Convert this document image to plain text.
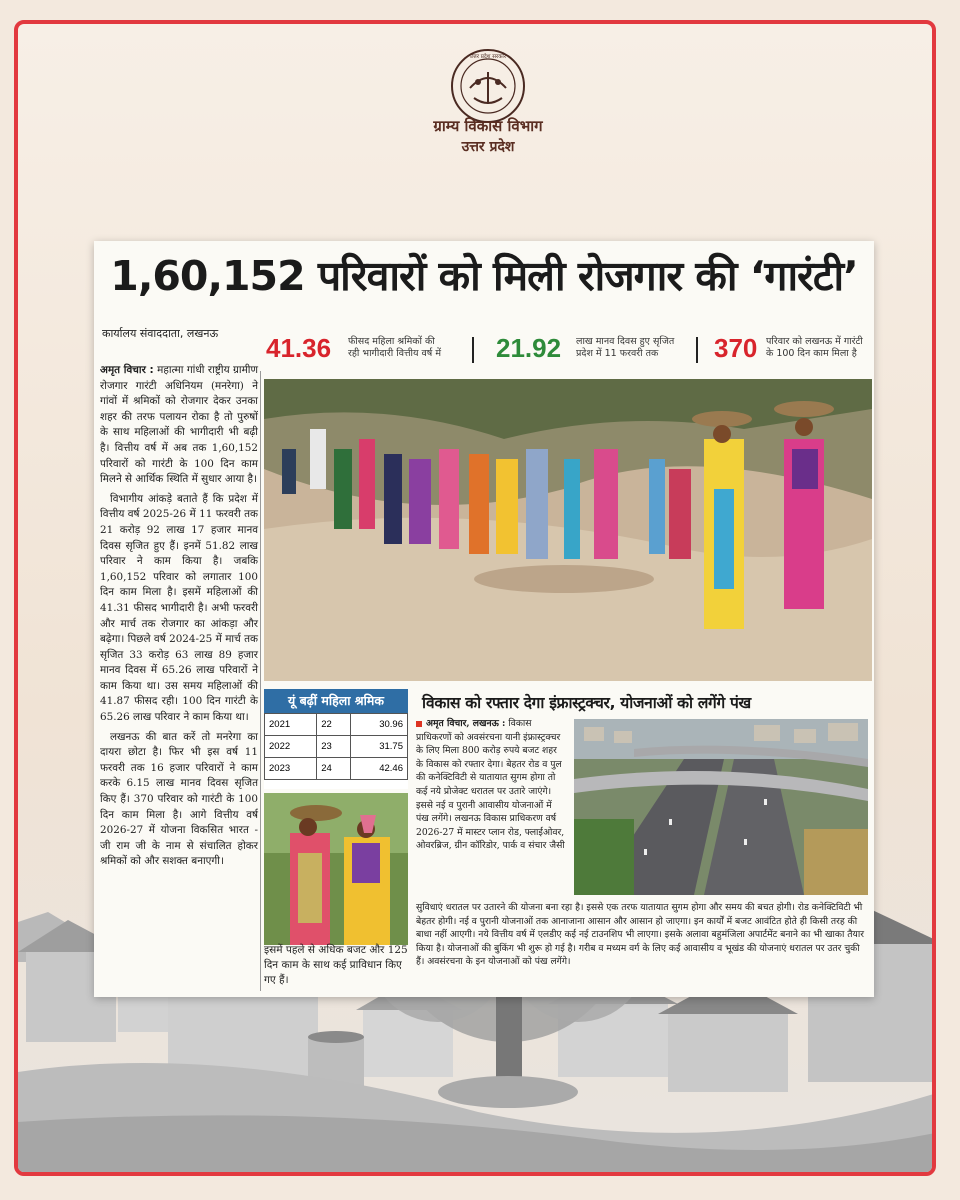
उत्तर प्रदेश सरकार
ग्राम्य विकास विभाग
उत्तर प्रदेश
1,60,152 परिवारों को मिली रोजगार की ‘गारंटी’
कार्यालय संवाददाता, लखनऊ 41.36 फीसद महिला श्रमिकों की
रही भागीदारी वित्तीय वर्ष में 21.92 लाख मानव दिवस हुए सृजित
प्रदेश में 11 फरवरी तक	370 परिवार को लखनऊ में गारंटी
के 100 दिन काम मिला है

अमृत विचार : महात्मा गांधी राष्ट्रीय ग्रामीण रोजगार गारंटी अधिनियम (मनरेगा) ने गांवों में श्रमिकों को रोजगार देकर उनका शहर की तरफ पलायन रोका है तो पुरुषों के साथ महिलाओं की भागीदारी भी बढ़ी है। वित्तीय वर्ष में अब तक 1,60,152 परिवारों को गारंटी के 100 दिन काम मिलने से आर्थिक स्थिति में सुधार आया है।

विभागीय आंकड़े बताते हैं कि प्रदेश में वित्तीय वर्ष 2025-26 में 11 फरवरी तक 21 करोड़ 92 लाख 17 हजार मानव दिवस सृजित हुए हैं। इनमें 51.82 लाख परिवार ने काम किया है। जबकि 1,60,152 परिवार को लगातार 100 दिन काम मिला है। इसमें महिलाओं की 41.31 फीसद भागीदारी है। अभी फरवरी और मार्च तक रोजगार का आंकड़ा और बढ़ेगा। पिछले वर्ष 2024-25 में मार्च तक सृजित 33 करोड़ 63 लाख 89 हजार मानव दिवस में 65.26 लाख परिवारों ने काम किया था। उस समय महिलाओं की 41.87 फीसद रही। 100 दिन गारंटी के 65.26 लाख परिवार ने काम किया था।

लखनऊ की बात करें तो मनरेगा का दायरा छोटा है। फिर भी इस वर्ष 11 फरवरी तक 16 हजार परिवारों ने काम करके 6.15 लाख मानव दिवस सृजित किए हैं। 370 परिवार को गारंटी के 100 दिन काम मिला है। आगे वित्तीय वर्ष 2026-27 में योजना विकसित भारत - जी राम जी के नाम से संचालित होकर श्रमिकों को और सशक्त बनाएगी।

यूं बढ़ीं महिला श्रमिक
2021	22	30.96
2022	23	31.75
2023	24	42.46
इसमें पहले से अधिक बजट और 125 दिन काम के साथ कई प्राविधान किए गए हैं।
विकास को रफ्तार देगा इंफ्रास्ट्रक्चर, योजनाओं को लगेंगे पंख
अमृत विचार, लखनऊ : विकास प्राधिकरणों को अवसंरचना यानी इंफ्रास्ट्रक्चर के लिए मिला 800 करोड़ रुपये बजट शहर के विकास को रफ्तार देगा। बेहतर रोड व पुल की कनेक्टिविटी से यातायात सुगम होगा तो कई नये प्रोजेक्ट धरातल पर उतारे जाएंगे। इससे नई व पुरानी आवासीय योजनाओं में पंख लगेंगे। लखनऊ विकास प्राधिकरण वर्ष 2026-27 में मास्टर प्लान रोड, फ्लाईओवर, ओवरब्रिज, ग्रीन कॉरिडोर, पार्क व संचार जैसी
सुविधाएं धरातल पर उतारने की योजना बना रहा है। इससे एक तरफ यातायात सुगम होगा और समय की बचत होगी। रोड कनेक्टिविटी भी बेहतर होगी। नई व पुरानी योजनाओं तक आनाजाना आसान और आसान हो जाएगा। इन कार्यों में बजट आवंटित होते ही किसी तरह की बाधा नहीं आएगी। नये वित्तीय वर्ष में एलडीए कई नई टाउनशिप भी लाएगा। इसके अलावा बहुमंजिला अपार्टमेंट बनाने का भी खाका तैयार किया है। योजनाओं की बुकिंग भी शुरू हो गई है। गरीब व मध्यम वर्ग के लिए कई आवासीय व भूखंड की योजनाएं धरातल पर उतर चुकी हैं। अवसंरचना के इन योजनाओं को पंख लगेंगे।
